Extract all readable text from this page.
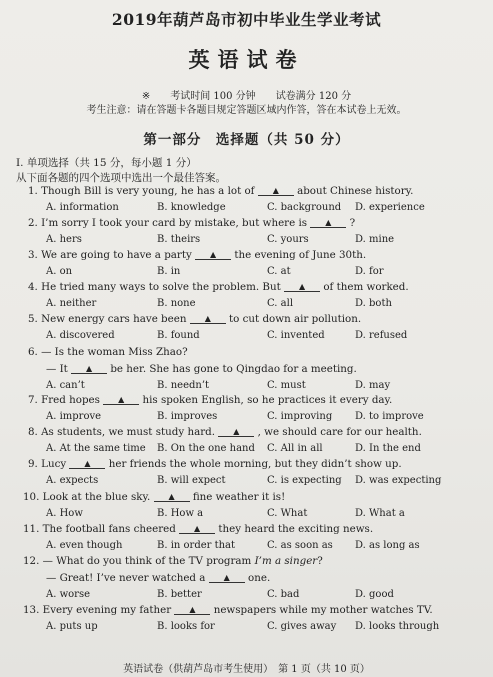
2019年葫芦岛市初中毕业生学业考试
英语试卷
※ 考试时间 100 分钟 试卷满分 120 分
考生注意：请在答题卡各题目规定答题区域内作答，答在本试卷上无效。
第一部分　选择题（共 50 分）
I. 单项选择（共 15 分，每小题 1 分）
从下面各题的四个选项中选出一个最佳答案。
1. Though Bill is very young, he has a lot of ▲ about Chinese history.
A. information	B. knowledge	C. background D. experience
2. I’m sorry I took your card by mistake, but where is ▲ ?
A. hers	B. theirs	C. yours	D. mine
3. We are going to have a party ▲ the evening of June 30th.
A. on	B. in	C. at	D. for
4. He tried many ways to solve the problem. But ▲ of them worked.
A. neither	B. none	C. all	D. both
5. New energy cars have been ▲ to cut down air pollution.
A. discovered	B. found	C. invented	D. refused
6. — Is the woman Miss Zhao?
— It ▲ be her. She has gone to Qingdao for a meeting.
A. can’t	B. needn’t	C. must	D. may
7. Fred hopes ▲ his spoken English, so he practices it every day.
A. improve	B. improves	C. improving D. to improve
8. As students, we must study hard. ▲ , we should care for our health.
A. At the same time B. On the one hand C. All in all	D. In the end
9. Lucy ▲ her friends the whole morning, but they didn’t show up.
A. expects	B. will expect	C. is expecting D. was expecting
10. Look at the blue sky. ▲ fine weather it is!
A. How	B. How a	C. What	D. What a
11. The football fans cheered ▲ they heard the exciting news.
A. even though	B. in order that	C. as soon as D. as long as
12. — What do you think of the TV program I’m a singer?
— Great! I’ve never watched a ▲ one.
A. worse	B. better	C. bad	D. good
13. Every evening my father ▲ newspapers while my mother watches TV.
A. puts up	B. looks for	C. gives away D. looks through
英语试卷（供葫芦岛市考生使用）　第 1 页（共 10 页）
